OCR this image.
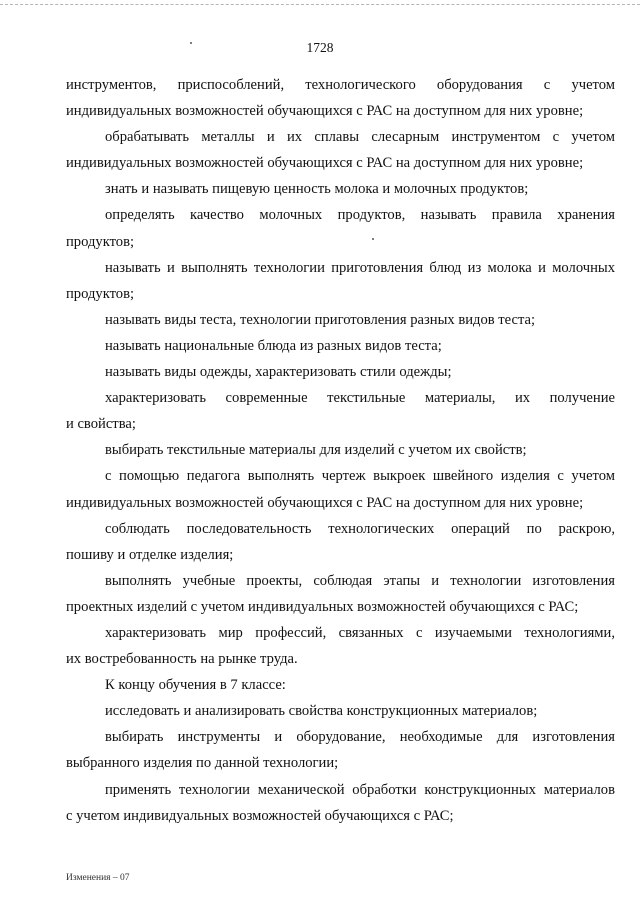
1728
инструментов, приспособлений, технологического оборудования с учетом
индивидуальных возможностей обучающихся с РАС на доступном для них уровне;
обрабатывать металлы и их сплавы слесарным инструментом с учетом
индивидуальных возможностей обучающихся с РАС на доступном для них уровне;
знать и называть пищевую ценность молока и молочных продуктов;
определять качество молочных продуктов, называть правила хранения
продуктов;
называть и выполнять технологии приготовления блюд из молока и молочных
продуктов;
называть виды теста, технологии приготовления разных видов теста;
называть национальные блюда из разных видов теста;
называть виды одежды, характеризовать стили одежды;
характеризовать современные текстильные материалы, их получение
и свойства;
выбирать текстильные материалы для изделий с учетом их свойств;
с помощью педагога выполнять чертеж выкроек швейного изделия с учетом
индивидуальных возможностей обучающихся с РАС на доступном для них уровне;
соблюдать последовательность технологических операций по раскрою,
пошиву и отделке изделия;
выполнять учебные проекты, соблюдая этапы и технологии изготовления
проектных изделий с учетом индивидуальных возможностей обучающихся с РАС;
характеризовать мир профессий, связанных с изучаемыми технологиями,
их востребованность на рынке труда.
К концу обучения в 7 классе:
исследовать и анализировать свойства конструкционных материалов;
выбирать инструменты и оборудование, необходимые для изготовления
выбранного изделия по данной технологии;
применять технологии механической обработки конструкционных материалов
с учетом индивидуальных возможностей обучающихся с РАС;
Изменения – 07
